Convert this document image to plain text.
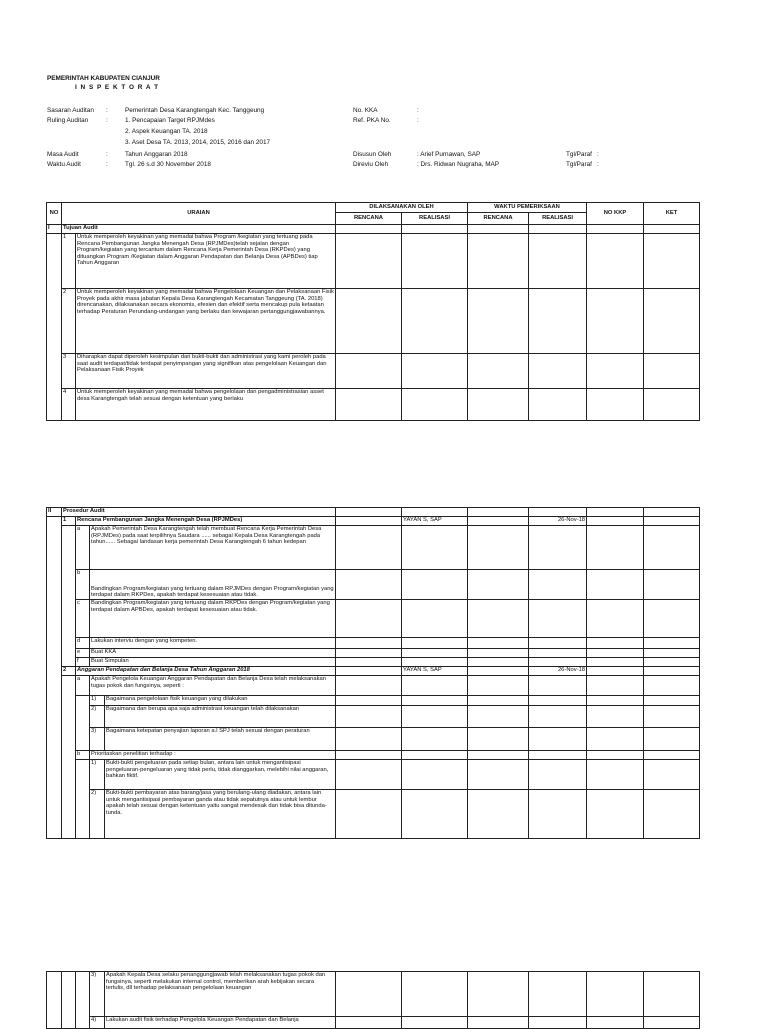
PEMERINTAH KABUPATEN CIANJUR
I N S P E K T O R A T
Sasaran Auditan :	Pemerintah Desa Karangtengah Kec. Tanggeung
Ruling Auditan	:	1. Pencapaian Target RPJMdes
2. Aspek Keuangan TA. 2018
3. Aset Desa TA. 2013, 2014, 2015, 2016 dan 2017
Masa Audit	:	Tahun Anggaran 2018
Waktu Audit	:	Tgl. 26 s.d 30 November 2018
No. KKA	:
Ref. PKA No.	:
Disusun Oleh	: Arief Purnawan, SAP
Direviu Oleh	: Drs. Ridwan Nugraha, MAP
Tgl/Paraf :
Tgl/Paraf :
NO	URAIAN	DILAKSANAKAN OLEH		WAKTU PEMERIKSAAN		NO KKP	KET
		RENCANA	REALISASI	RENCANA	REALISASI		
I	Tujuan Audit						
	1	Untuk memperoleh keyakinan yang memadai bahwa Program /kegiatan yang tertuang pada Rencana Pembangunan Jangka Menengah Desa (RPJMDes)telah sejalan dengan Program/kegiatan yang tercantum dalam Rencana Kerja Pemerintah Desa (RKPDes) yang dituangkan Program /Kegiatan dalam Anggaran Pendapatan dan Belanja Desa (APBDes) tiap Tahun Anggaran						
	2	Untuk memperoleh keyakinan yang memadai bahwa Pengelolaan Keuangan dan Pelaksanaan Fisik Proyek pada akhir masa jabatan Kepala Desa Karangtengah Kecamatan Tanggeung (TA. 2018) direncanakan, dilaksanakan secara ekonomis, efesien dan efektif serta mencakup pula ketaatan terhadap Peraturan Perundang-undangan yang berlaku dan kewajaran pertanggungjawabannya.						
	3	Diharapkan dapat diperoleh kesimpulan dari bukti-bukti dan administrasi yang kami peroleh pada saat audit terdapat/tidak terdapat penyimpangan yang signifikan atas pengelolaan Keuangan dan Pelaksanaan Fisik Proyek						
	4	Untuk memperoleh keyakinan yang memadai bahwa pengelolaan dan pengadministrasian asset desa Karangtengah telah sesuai dengan ketentuan yang berlaku						
II	Prosedur Audit									
	1	Rencana Pembangunan Jangka Menengah Desa (RPJMDes)				YAYAN S, SAP		26-Nov-18		
		a	Apakah Pemerintah Desa Karangtengah telah membuat Rencana Kerja Pemerintah Desa (RPJMDes) pada saat terpilihnya Saudara ...... sebagai Kepala Desa Karangtengah pada tahun...... Sebagai landasan kerja pemerintah Desa Karangtengah 6 tahun kedepan							
		b	Bandingkan Program/kegiatan yang tertuang dalam RPJMDes dengan Program/kegiatan yang terdapat dalam RKPDes, apakah terdapat kesesuaian atau tidak.							
		c	Bandingkan Program/kegiatan yang tertuang dalam RKPDes dengan Program/kegiatan yang terdapat dalam APBDes, apakah terdapat kesesuaian atau tidak.							
		d	Lakukan interviu dengan yang kompeten.							
		e	Buat KKA							
		f	Buat Simpulan							
	2	Anggaran Pendapatan dan Belanja Desa Tahun Anggaran 2018				YAYAN S, SAP		26-Nov-18		
		a	Apakah Pengelola Keuangan Anggaran Pendapatan dan Belanja Desa telah melaksanakan tugas pokok dan fungsinya, seperti :							
			1)	Bagaimana pengelolaan fisik keuangan yang dilakukan						
			2)	Bagaimana dan berupa apa saja administrasi keuangan telah dilaksanakan						
			3)	Bagaimana ketepatan penyajian laporan a.l SPJ telah sesuai dengan peraturan						
		b	Prioritaskan penelitian terhadap :							
			1)	Bukti-bukti pengeluaran pada setiap bulan, antara lain untuk mengantisipasi pengeluaran-pengeluaran yang tidak perlu, tidak dianggarkan, melebihi nilai anggaran, bahkan fiktif.						
			2)	Bukti-bukti pembayaran atas barang/jasa yang berulang-ulang diadakan, antara lain untuk mengantisipasi pembayaran ganda atau tidak sepatutnya atau untuk lembur apakah telah sesuai dengan ketentuan yaitu sangat mendesak dan tidak bisa ditunda-tunda.						
			3)	Apakah Kepala Desa selaku penanggungjawab telah melaksanakan tugas pokok dan fungsinya, seperti melakukan internal control, memberikan arah kebijakan secara tertulis, dll terhadap pelaksanaan pengelolaan keuangan						
			4)	Lakukan audit fisik terhadap Pengelola Keuangan Pendapatan dan Belanja						
